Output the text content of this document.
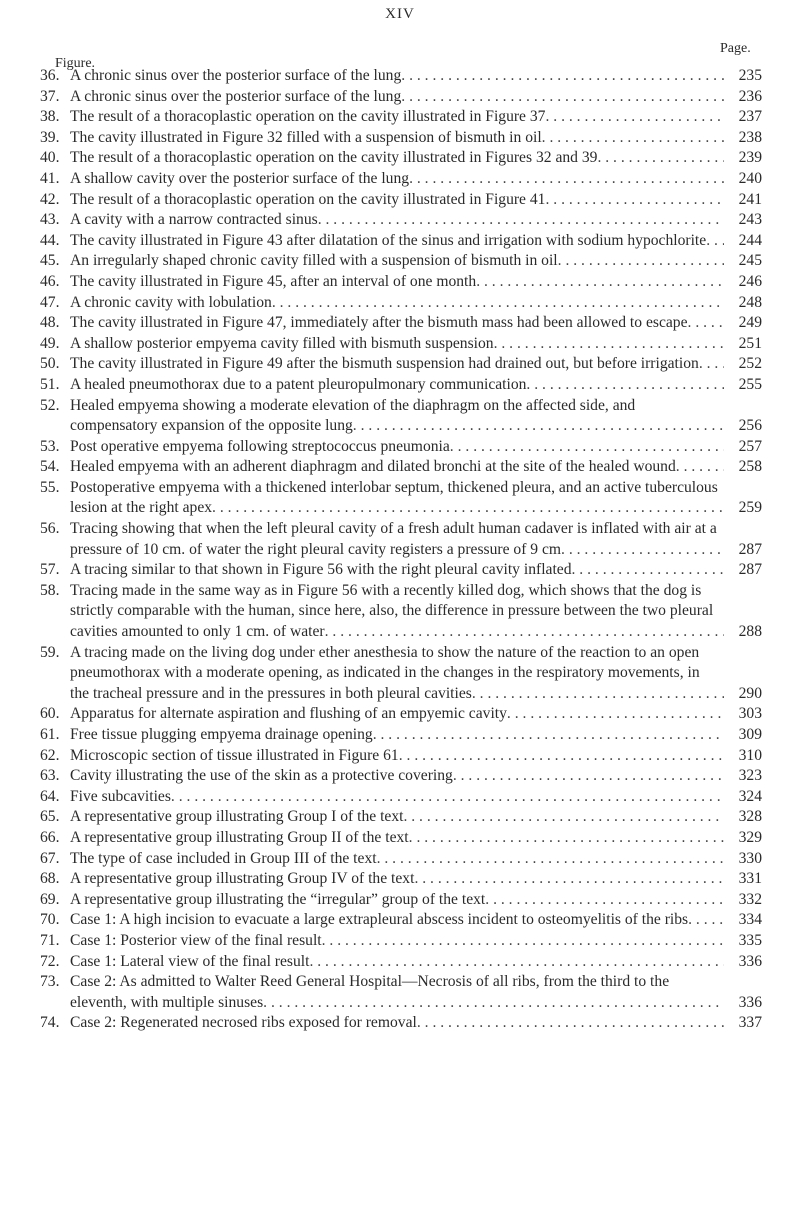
XIV
Figure.
Page.
36. A chronic sinus over the posterior surface of the lung . . .	235
37. A chronic sinus over the posterior surface of the lung . . .	236
38. The result of a thoracoplastic operation on the cavity illustrated in Figure 37 . . .	237
39. The cavity illustrated in Figure 32 filled with a suspension of bismuth in oil . . .	238
40. The result of a thoracoplastic operation on the cavity illustrated in Figures 32 and 39 . . .	239
41. A shallow cavity over the posterior surface of the lung . . .	240
42. The result of a thoracoplastic operation on the cavity illustrated in Figure 41 . . .	241
43. A cavity with a narrow contracted sinus . . .	243
44. The cavity illustrated in Figure 43 after dilatation of the sinus and irrigation with sodium hypochlorite . . .	244
45. An irregularly shaped chronic cavity filled with a suspension of bismuth in oil . . .	245
46. The cavity illustrated in Figure 45, after an interval of one month . . .	246
47. A chronic cavity with lobulation . . .	248
48. The cavity illustrated in Figure 47, immediately after the bismuth mass had been allowed to escape . . .	249
49. A shallow posterior empyema cavity filled with bismuth suspension . . .	251
50. The cavity illustrated in Figure 49 after the bismuth suspension had drained out, but before irrigation . . .	252
51. A healed pneumothorax due to a patent pleuropulmonary communication . . .	255
52. Healed empyema showing a moderate elevation of the diaphragm on the affected side, and compensatory expansion of the opposite lung . . .	256
53. Post operative empyema following streptococcus pneumonia . . .	257
54. Healed empyema with an adherent diaphragm and dilated bronchi at the site of the healed wound . . .	258
55. Postoperative empyema with a thickened interlobar septum, thickened pleura, and an active tuberculous lesion at the right apex . . .	259
56. Tracing showing that when the left pleural cavity of a fresh adult human cadaver is inflated with air at a pressure of 10 cm. of water the right pleural cavity registers a pressure of 9 cm . . .	287
57. A tracing similar to that shown in Figure 56 with the right pleural cavity inflated . . .	287
58. Tracing made in the same way as in Figure 56 with a recently killed dog, which shows that the dog is strictly comparable with the human, since here, also, the difference in pressure between the two pleural cavities amounted to only 1 cm. of water . . .	288
59. A tracing made on the living dog under ether anesthesia to show the nature of the reaction to an open pneumothorax with a moderate opening, as indicated in the changes in the respiratory movements, in the tracheal pressure and in the pressures in both pleural cavities . . .	290
60. Apparatus for alternate aspiration and flushing of an empyemic cavity . . .	303
61. Free tissue plugging empyema drainage opening . . .	309
62. Microscopic section of tissue illustrated in Figure 61 . . .	310
63. Cavity illustrating the use of the skin as a protective covering . . .	323
64. Five subcavities . . .	324
65. A representative group illustrating Group I of the text . . .	328
66. A representative group illustrating Group II of the text . . .	329
67. The type of case included in Group III of the text . . .	330
68. A representative group illustrating Group IV of the text . . .	331
69. A representative group illustrating the “irregular” group of the text . . .	332
70. Case 1: A high incision to evacuate a large extrapleural abscess incident to osteomyelitis of the ribs . . .	334
71. Case 1: Posterior view of the final result . . .	335
72. Case 1: Lateral view of the final result . . .	336
73. Case 2: As admitted to Walter Reed General Hospital—Necrosis of all ribs, from the third to the eleventh, with multiple sinuses . . .	336
74. Case 2: Regenerated necrosed ribs exposed for removal . . .	337
